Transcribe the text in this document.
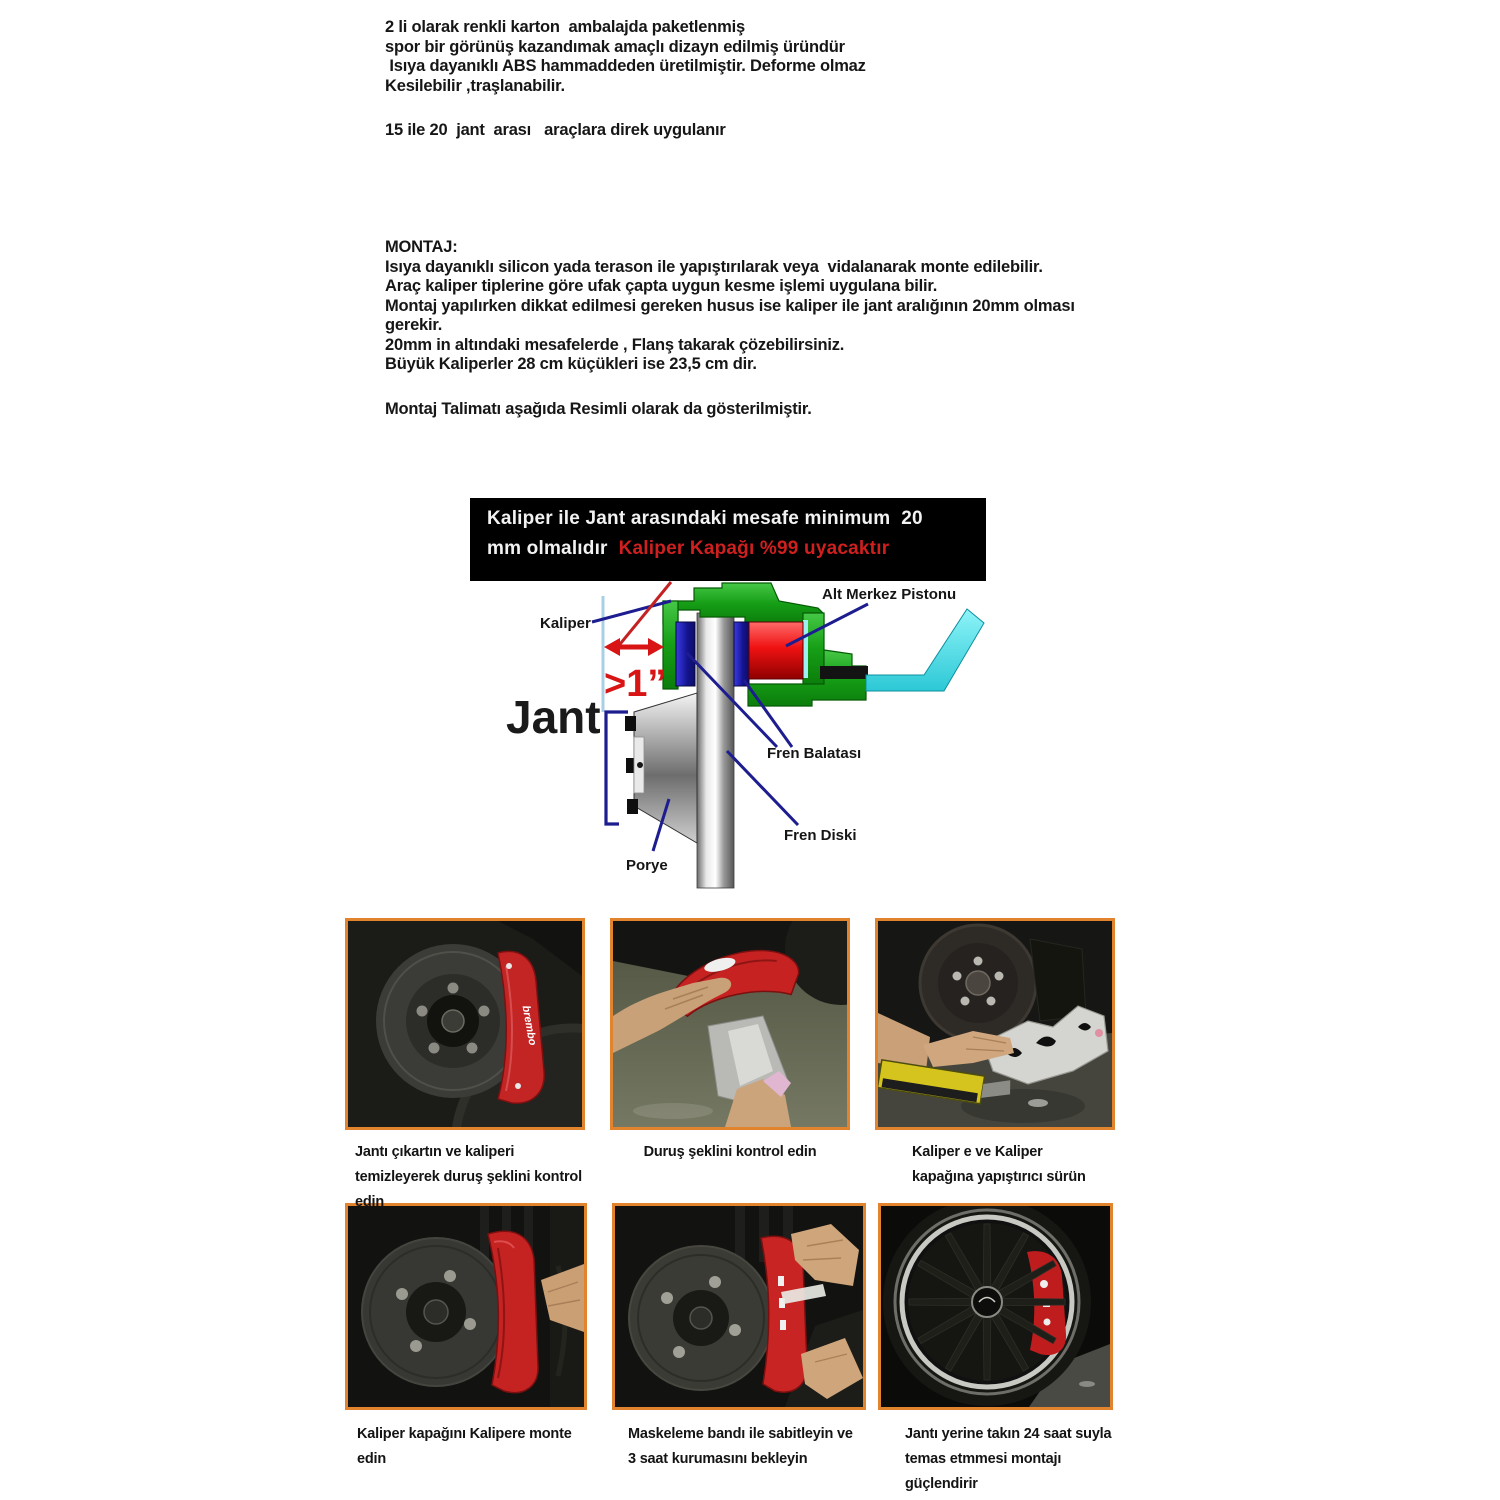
2 li olarak renkli karton  ambalajda paketlenmiş
spor bir görünüş kazandımak amaçlı dizayn edilmiş üründür
Isıya dayanıklı ABS hammaddeden üretilmiştir. Deforme olmaz
Kesilebilir ,traşlanabilir.
15 ile 20  jant  arası   araçlara direk uygulanır
MONTAJ:
Isıya dayanıklı silicon yada terason ile yapıştırılarak veya  vidalanarak monte edilebilir.
Araç kaliper tiplerine göre ufak çapta uygun kesme işlemi uygulana bilir.
Montaj yapılırken dikkat edilmesi gereken husus ise kaliper ile jant aralığının 20mm olması
gerekir.
20mm in altındaki mesafelerde , Flanş takarak çözebilirsiniz.
Büyük Kaliperler 28 cm küçükleri ise 23,5 cm dir.
Montaj Talimatı aşağıda Resimli olarak da gösterilmiştir.
Kaliper ile Jant arasındaki mesafe minimum  20
mm olmalıdır  Kaliper Kapağı %99 uyacaktır
Kaliper
Alt Merkez Pistonu
Jant
>1”
Fren Balatası
Fren Diski
Porye
brembo
Jantı çıkartın ve kaliperi
temizleyerek duruş şeklini kontrol
edin
Duruş şeklini kontrol edin	Kaliper e ve Kaliper
kapağına yapıştırıcı sürün
Kaliper kapağını Kalipere monte
edin
Maskeleme bandı ile sabitleyin ve
3 saat kurumasını bekleyin
Jantı yerine takın 24 saat suyla
temas etmmesi montajı
güçlendirir
